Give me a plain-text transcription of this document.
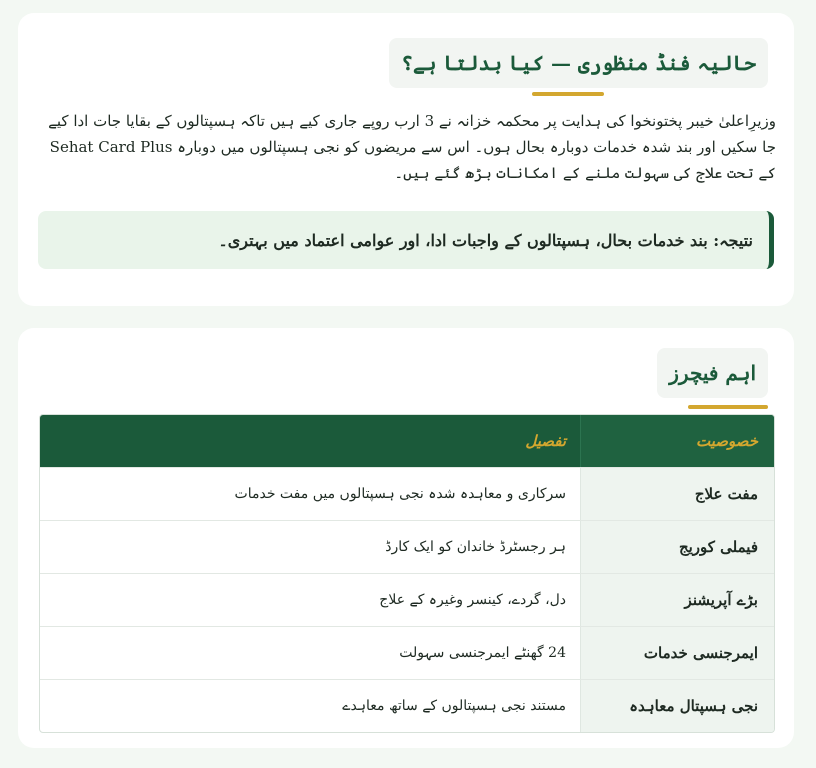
حالیہ فنڈ منظوری — کیا بدلتا ہے؟

وزیرِاعلیٰ خیبر پختونخوا کی ہدایت پر محکمہ خزانہ نے 3 ارب روپے جاری کیے ہیں تاکہ ہسپتالوں کے بقایا جات ادا کیے جا سکیں اور بند شدہ خدمات دوبارہ بحال ہوں۔ اس سے مریضوں کو نجی ہسپتالوں میں دوبارہ Sehat Card Plus کے تحت علاج کی سہولت ملنے کے امکانات بڑھ گئے ہیں۔

نتیجہ: بند خدمات بحال، ہسپتالوں کے واجبات ادا، اور عوامی اعتماد میں بہتری۔
اہم فیچرز
خصوصیت
تفصیل
مفت علاج
سرکاری و معاہدہ شدہ نجی ہسپتالوں میں مفت خدمات
فیملی کوریج
ہر رجسٹرڈ خاندان کو ایک کارڈ
بڑے آپریشنز
دل، گردے، کینسر وغیرہ کے علاج
ایمرجنسی خدمات
24 گھنٹے ایمرجنسی سہولت
نجی ہسپتال معاہدہ
مستند نجی ہسپتالوں کے ساتھ معاہدے
